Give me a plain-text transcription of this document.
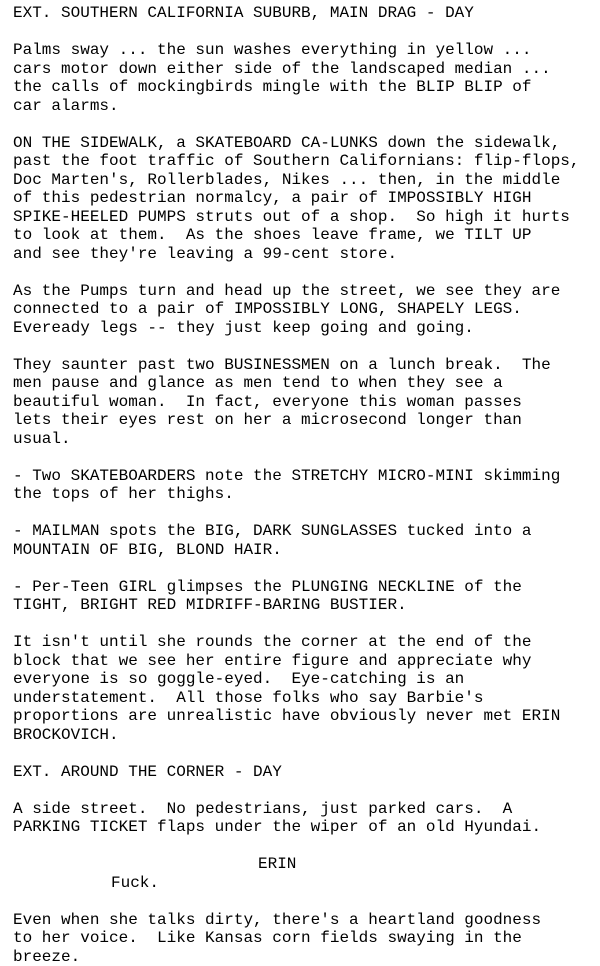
EXT. SOUTHERN CALIFORNIA SUBURB, MAIN DRAG - DAY
Palms sway ... the sun washes everything in yellow ...
cars motor down either side of the landscaped median ...
the calls of mockingbirds mingle with the BLIP BLIP of
car alarms.
ON THE SIDEWALK, a SKATEBOARD CA-LUNKS down the sidewalk,
past the foot traffic of Southern Californians: flip-flops,
Doc Marten's, Rollerblades, Nikes ... then, in the middle
of this pedestrian normalcy, a pair of IMPOSSIBLY HIGH
SPIKE-HEELED PUMPS struts out of a shop.  So high it hurts
to look at them.  As the shoes leave frame, we TILT UP
and see they're leaving a 99-cent store.
As the Pumps turn and head up the street, we see they are
connected to a pair of IMPOSSIBLY LONG, SHAPELY LEGS.
Eveready legs -- they just keep going and going.
They saunter past two BUSINESSMEN on a lunch break.  The
men pause and glance as men tend to when they see a
beautiful woman.  In fact, everyone this woman passes
lets their eyes rest on her a microsecond longer than
usual.
- Two SKATEBOARDERS note the STRETCHY MICRO-MINI skimming
the tops of her thighs.
- MAILMAN spots the BIG, DARK SUNGLASSES tucked into a
MOUNTAIN OF BIG, BLOND HAIR.
- Per-Teen GIRL glimpses the PLUNGING NECKLINE of the
TIGHT, BRIGHT RED MIDRIFF-BARING BUSTIER.
It isn't until she rounds the corner at the end of the
block that we see her entire figure and appreciate why
everyone is so goggle-eyed.  Eye-catching is an
understatement.  All those folks who say Barbie's
proportions are unrealistic have obviously never met ERIN
BROCKOVICH.
EXT. AROUND THE CORNER - DAY
A side street.  No pedestrians, just parked cars.  A
PARKING TICKET flaps under the wiper of an old Hyundai.
ERIN
Fuck.
Even when she talks dirty, there's a heartland goodness
to her voice.  Like Kansas corn fields swaying in the
breeze.
